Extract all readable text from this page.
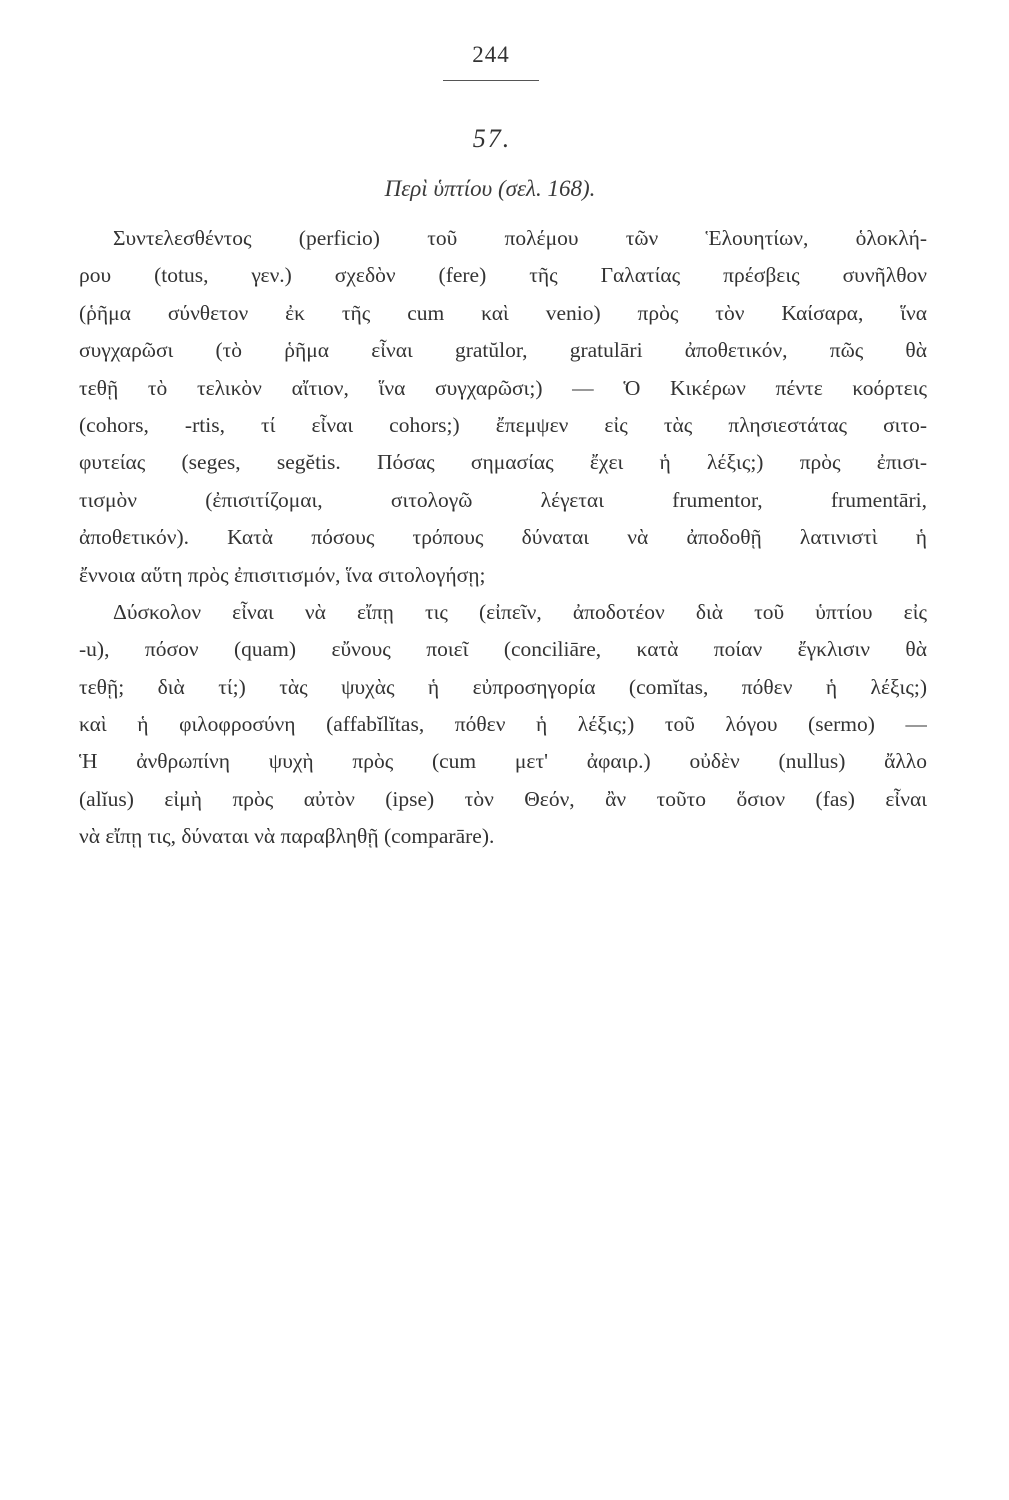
244
57.
Περὶ ὑπτίου (σελ. 168).
Συντελεσθέντος (perficio) τοῦ πολέμου τῶν Ἑλουητίων, ὁλοκλή-
ρου (totus, γεν.) σχεδὸν (fere) τῆς Γαλατίας πρέσβεις συνῆλθον
(ῥῆμα σύνθετον ἐκ τῆς cum καὶ venio) πρὸς τὸν Καίσαρα, ἵνα
συγχαρῶσι (τὸ ῥῆμα εἶναι gratŭlor, gratulāri ἀποθετικόν, πῶς θὰ
τεθῇ τὸ τελικὸν αἴτιον, ἵνα συγχαρῶσι;) — Ὁ Κικέρων πέντε κοόρτεις
(cohors, -rtis, τί εἶναι cohors;) ἔπεμψεν εἰς τὰς πλησιεστάτας σιτο-
φυτείας (seges, segĕtis. Πόσας σημασίας ἔχει ἡ λέξις;) πρὸς ἐπισι-
τισμὸν (ἐπισιτίζομαι, σιτολογῶ λέγεται frumentor, frumentāri,
ἀποθετικόν). Κατὰ πόσους τρόπους δύναται νὰ ἀποδοθῇ λατινιστὶ ἡ
ἔννοια αὕτη πρὸς ἐπισιτισμόν, ἵνα σιτολογήσῃ;
Δύσκολον εἶναι νὰ εἴπῃ τις (εἰπεῖν, ἀποδοτέον διὰ τοῦ ὑπτίου εἰς
-u), πόσον (quam) εὔνους ποιεῖ (conciliāre, κατὰ ποίαν ἔγκλισιν θὰ
τεθῇ; διὰ τί;) τὰς ψυχὰς ἡ εὐπροσηγορία (comĭtas, πόθεν ἡ λέξις;)
καὶ ἡ φιλοφροσύνη (affabĭlĭtas, πόθεν ἡ λέξις;) τοῦ λόγου (sermo) —
Ἡ ἀνθρωπίνη ψυχὴ πρὸς (cum μετ' ἀφαιρ.) οὐδὲν (nullus) ἄλλο
(alĭus) εἰμὴ πρὸς αὐτὸν (ipse) τὸν Θεόν, ἂν τοῦτο ὅσιον (fas) εἶναι
νὰ εἴπῃ τις, δύναται νὰ παραβληθῇ (comparāre).
